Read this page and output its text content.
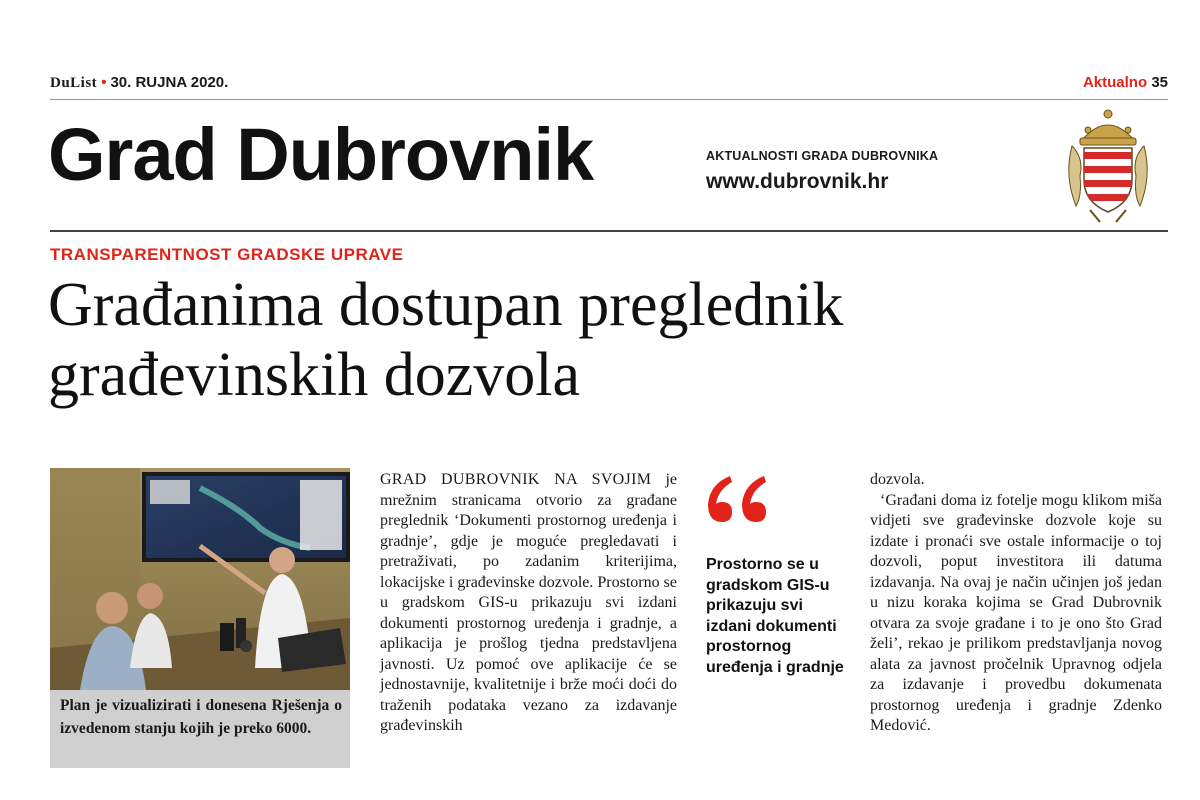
DuList • 30. RUJNA 2020.	Aktualno 35
Grad Dubrovnik	AKTUALNOSTI GRADA DUBROVNIKA
www.dubrovnik.hr
TRANSPARENTNOST GRADSKE UPRAVE
Građanima dostupan preglednik građevinskih dozvola
Plan je vizualizirati i donesena Rješenja o izvedenom stanju kojih je preko 6000.
GRAD DUBROVNIK NA SVOJIM je mrežnim stranicama otvorio za građane preglednik ‘Dokumenti prostornog uređenja i gradnje’, gdje je moguće pregledavati i pretraživati, po zadanim kriterijima, lokacijske i građevinske dozvole. Prostorno se u gradskom GIS-u prikazuju svi izdani dokumenti prostornog uređenja i gradnje, a aplikacija je prošlog tjedna predstavljena javnosti. Uz pomoć ove aplikacije će se jednostavnije, kvalitetnije i brže moći doći do traženih podataka vezano za izdavanje građevinskih
Prostorno se u gradskom GIS-u prikazuju svi izdani dokumenti prostornog uređenja i gradnje
dozvola.
‘Građani doma iz fotelje mogu klikom miša vidjeti sve građevinske dozvole koje su izdate i pronaći sve ostale informacije o toj dozvoli, poput investitora ili datuma izdavanja. Na ovaj je način učinjen još jedan u nizu koraka kojima se Grad Dubrovnik otvara za svoje građane i to je ono što Grad želi’, rekao je prilikom predstavljanja novog alata za javnost pročelnik Upravnog odjela za izdavanje i provedbu dokumenata prostornog uređenja i gradnje Zdenko Medović.
